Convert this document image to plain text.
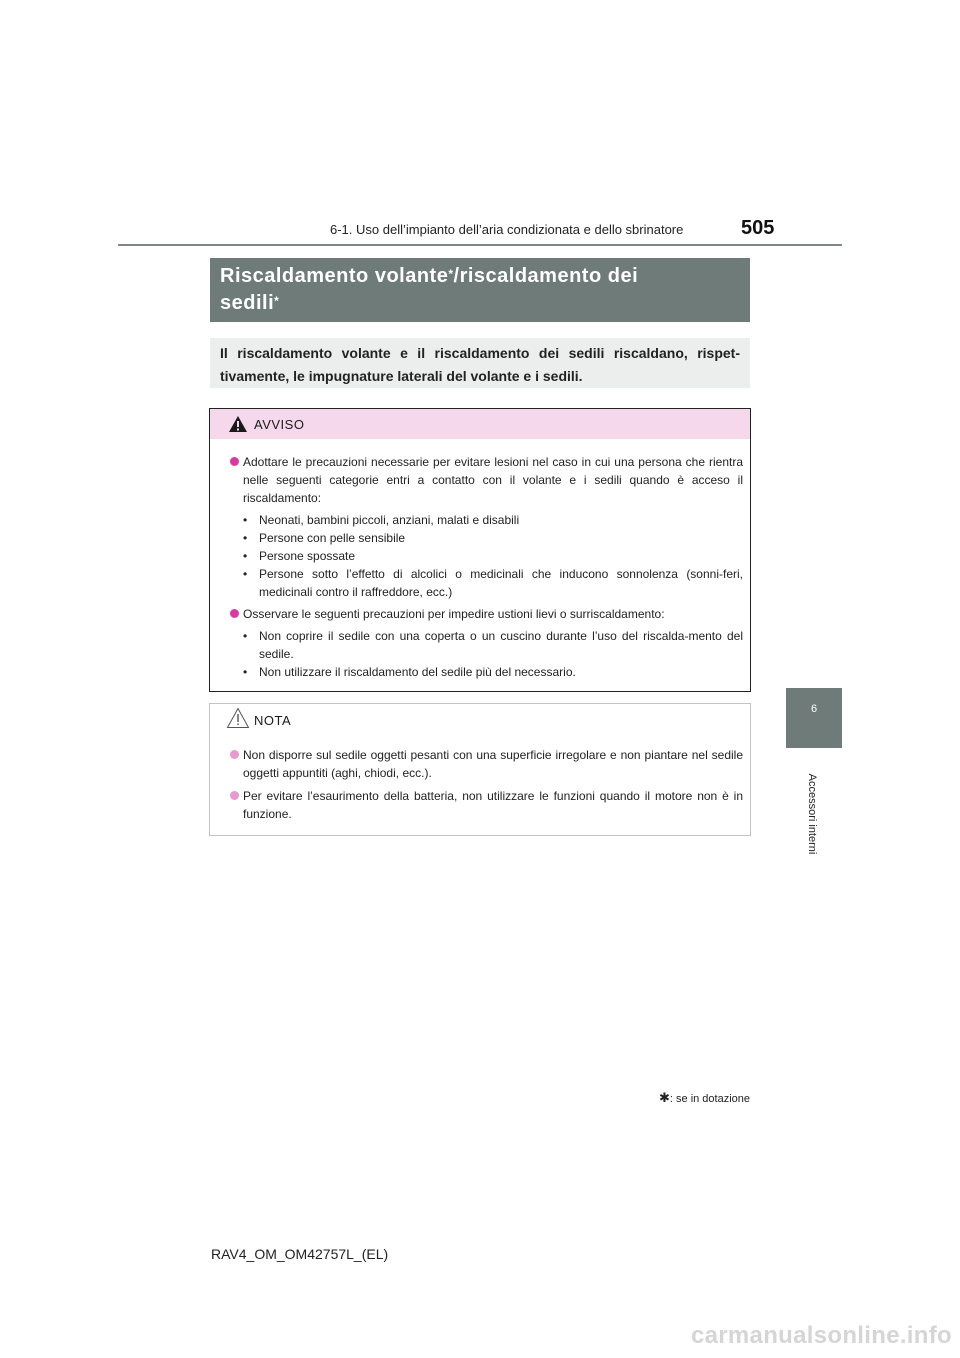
6-1. Uso dell’impianto dell’aria condizionata e dello sbrinatore	505
6
Accessori interni
Riscaldamento volante*/riscaldamento dei
sedili*
Il riscaldamento volante e il riscaldamento dei sedili riscaldano, rispet-tivamente, le impugnature laterali del volante e i sedili.
AVVISO
Adottare le precauzioni necessarie per evitare lesioni nel caso in cui una persona che rientra nelle seguenti categorie entri a contatto con il volante e i sedili quando è acceso il riscaldamento:
• Neonati, bambini piccoli, anziani, malati e disabili
• Persone con pelle sensibile
• Persone spossate
• Persone sotto l’effetto di alcolici o medicinali che inducono sonnolenza (sonni-feri, medicinali contro il raffreddore, ecc.)
Osservare le seguenti precauzioni per impedire ustioni lievi o surriscaldamento:
• Non coprire il sedile con una coperta o un cuscino durante l’uso del riscalda-mento del sedile.
• Non utilizzare il riscaldamento del sedile più del necessario.
NOTA
Non disporre sul sedile oggetti pesanti con una superficie irregolare e non piantare nel sedile oggetti appuntiti (aghi, chiodi, ecc.).
Per evitare l’esaurimento della batteria, non utilizzare le funzioni quando il motore non è in funzione.
✱: se in dotazione
RAV4_OM_OM42757L_(EL)
carmanualsonline.info
